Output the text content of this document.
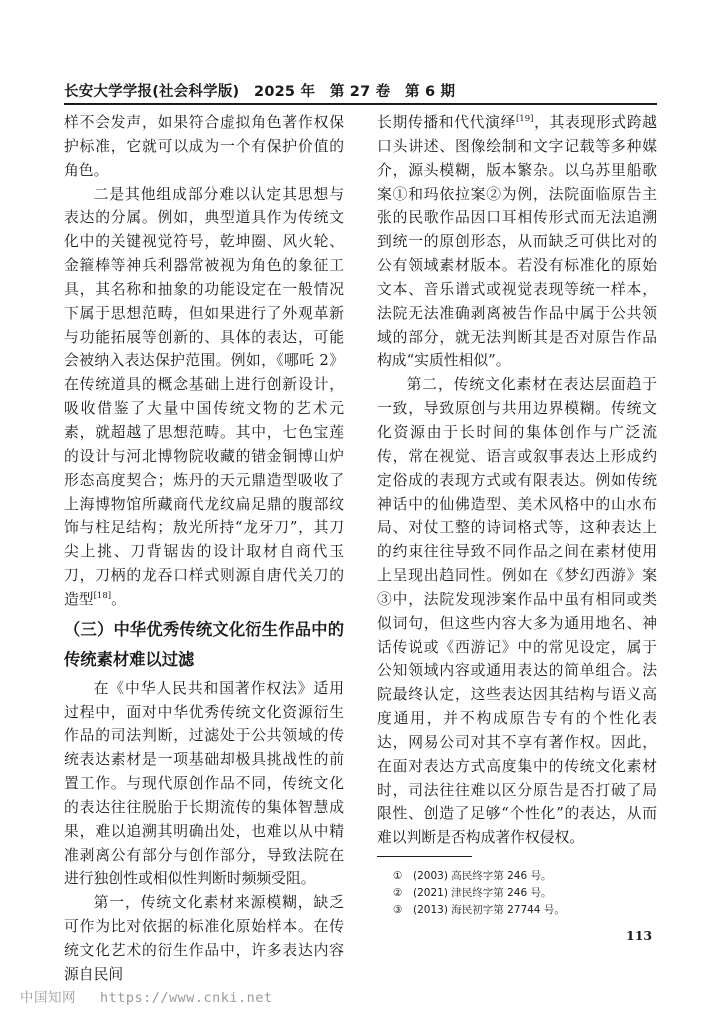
长安大学学报(社会科学版)　2025 年　第 27 卷　第 6 期

样不会发声，如果符合虚拟角色著作权保护标准，它就可以成为一个有保护价值的角色。

二是其他组成部分难以认定其思想与表达的分属。例如，典型道具作为传统文化中的关键视觉符号，乾坤圈、风火轮、金箍棒等神兵利器常被视为角色的象征工具，其名称和抽象的功能设定在一般情况下属于思想范畴，但如果进行了外观革新与功能拓展等创新的、具体的表达，可能会被纳入表达保护范围。例如，《哪吒 2》在传统道具的概念基础上进行创新设计，吸收借鉴了大量中国传统文物的艺术元素，就超越了思想范畴。其中，七色宝莲的设计与河北博物院收藏的错金铜博山炉形态高度契合；炼丹的天元鼎造型吸收了上海博物馆所藏商代龙纹扁足鼎的腹部纹饰与柱足结构；敖光所持“龙牙刀”，其刀尖上挑、刀背锯齿的设计取材自商代玉刀，刀柄的龙吞口样式则源自唐代关刀的造型[18]。

（三）中华优秀传统文化衍生作品中的传统素材难以过滤

在《中华人民共和国著作权法》适用过程中，面对中华优秀传统文化资源衍生作品的司法判断，过滤处于公共领域的传统表达素材是一项基础却极具挑战性的前置工作。与现代原创作品不同，传统文化的表达往往脱胎于长期流传的集体智慧成果，难以追溯其明确出处，也难以从中精准剥离公有部分与创作部分，导致法院在进行独创性或相似性判断时频频受阻。

第一，传统文化素材来源模糊，缺乏可作为比对依据的标准化原始样本。在传统文化艺术的衍生作品中，许多表达内容源自民间

长期传播和代代演绎[19]，其表现形式跨越口头讲述、图像绘制和文字记载等多种媒介，源头模糊，版本繁杂。以乌苏里船歌案①和玛依拉案②为例，法院面临原告主张的民歌作品因口耳相传形式而无法追溯到统一的原创形态，从而缺乏可供比对的公有领域素材版本。若没有标准化的原始文本、音乐谱式或视觉表现等统一样本，法院无法准确剥离被告作品中属于公共领域的部分，就无法判断其是否对原告作品构成“实质性相似”。

第二，传统文化素材在表达层面趋于一致，导致原创与共用边界模糊。传统文化资源由于长时间的集体创作与广泛流传，常在视觉、语言或叙事表达上形成约定俗成的表现方式或有限表达。例如传统神话中的仙佛造型、美术风格中的山水布局、对仗工整的诗词格式等，这种表达上的约束往往导致不同作品之间在素材使用上呈现出趋同性。例如在《梦幻西游》案③中，法院发现涉案作品中虽有相同或类似词句，但这些内容大多为通用地名、神话传说或《西游记》中的常见设定，属于公知领域内容或通用表达的简单组合。法院最终认定，这些表达因其结构与语义高度通用，并不构成原告专有的个性化表达，网易公司对其不享有著作权。因此，在面对表达方式高度集中的传统文化素材时，司法往往难以区分原告是否打破了局限性、创造了足够“个性化”的表达，从而难以判断是否构成著作权侵权。

① (2003) 高民终字第 246 号。
② (2021) 津民终字第 246 号。
③ (2013) 海民初字第 27744 号。
113
中国知网 https://www.cnki.net
